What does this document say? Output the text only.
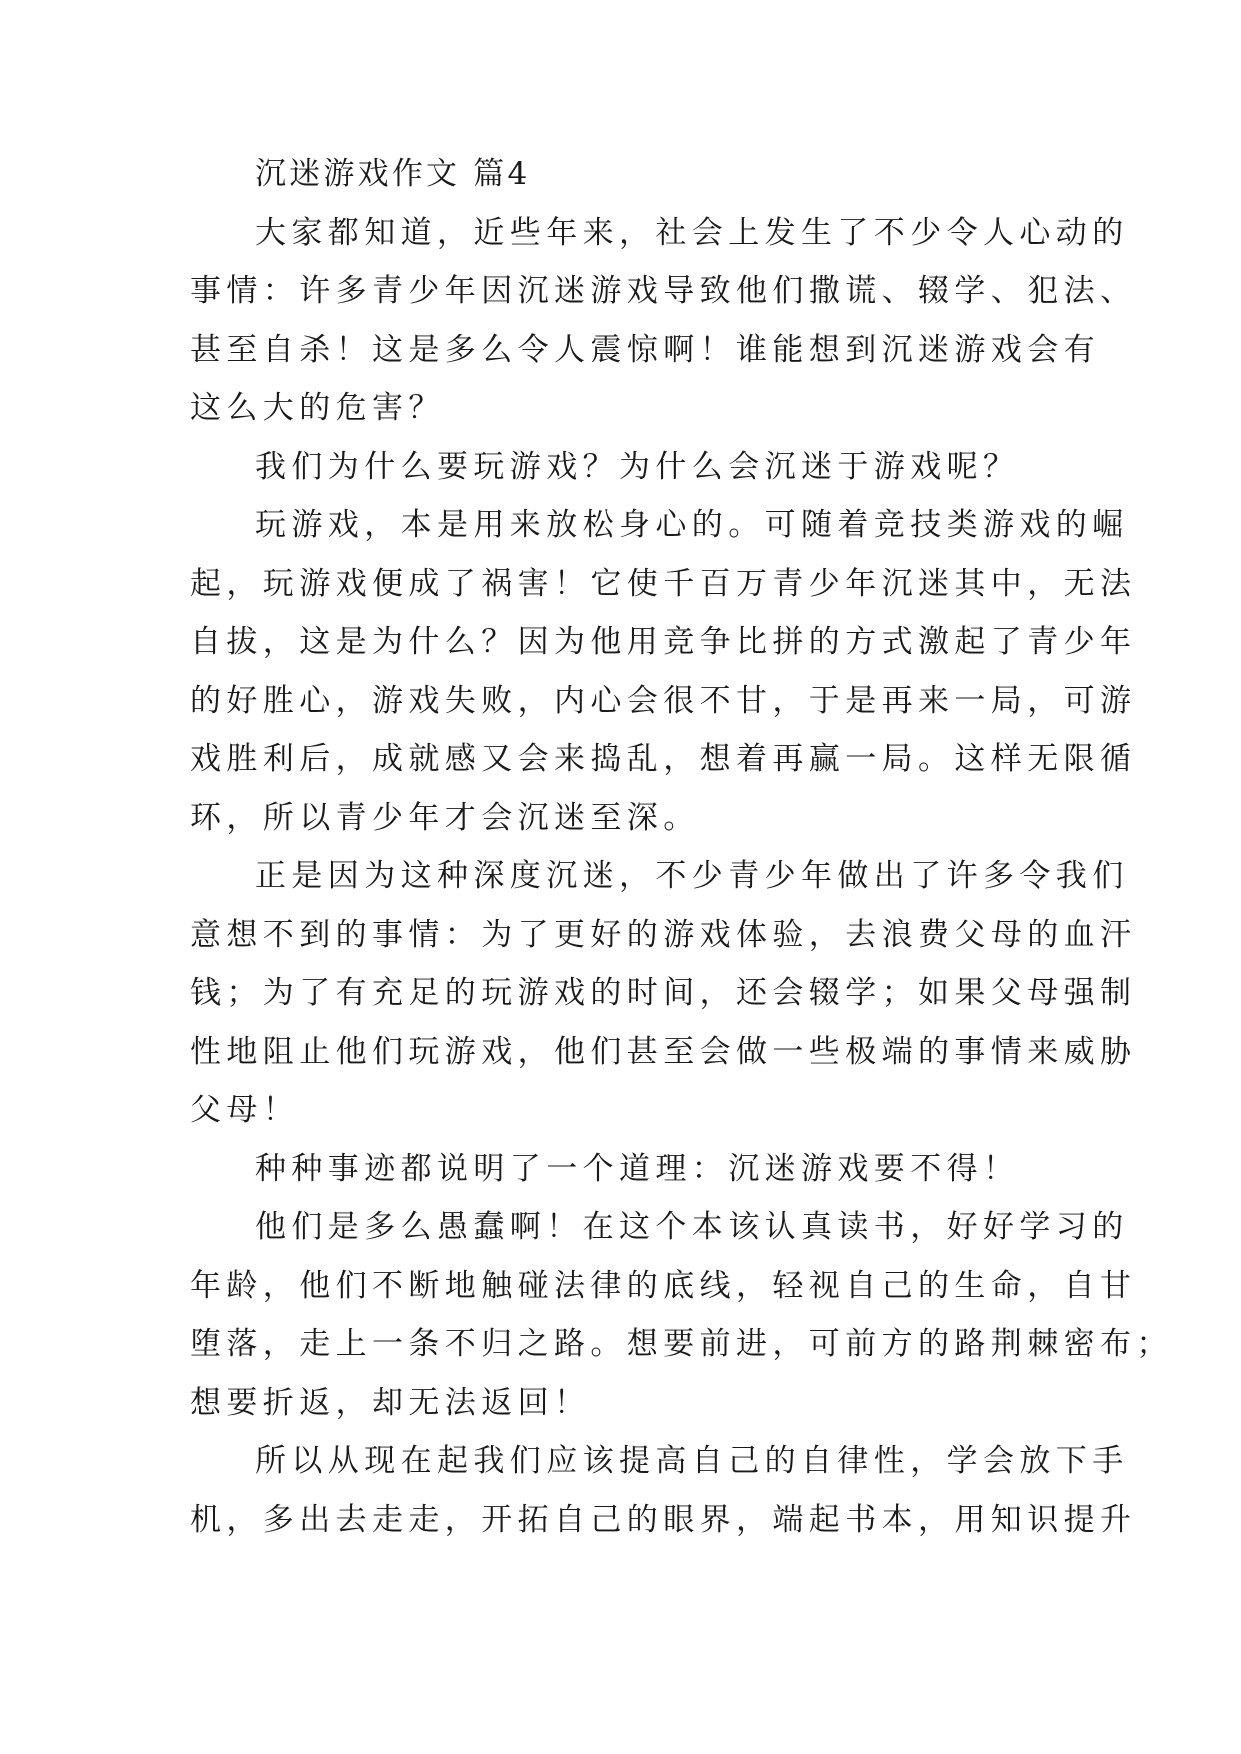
沉迷游戏作文 篇4
大家都知道，近些年来，社会上发生了不少令人心动的
事情：许多青少年因沉迷游戏导致他们撒谎、辍学、犯法、
甚至自杀！这是多么令人震惊啊！谁能想到沉迷游戏会有
这么大的危害？
我们为什么要玩游戏？为什么会沉迷于游戏呢？
玩游戏，本是用来放松身心的。可随着竞技类游戏的崛
起，玩游戏便成了祸害！它使千百万青少年沉迷其中，无法
自拔，这是为什么？因为他用竞争比拼的方式激起了青少年
的好胜心，游戏失败，内心会很不甘，于是再来一局，可游
戏胜利后，成就感又会来捣乱，想着再赢一局。这样无限循
环，所以青少年才会沉迷至深。
正是因为这种深度沉迷，不少青少年做出了许多令我们
意想不到的事情：为了更好的游戏体验，去浪费父母的血汗
钱；为了有充足的玩游戏的时间，还会辍学；如果父母强制
性地阻止他们玩游戏，他们甚至会做一些极端的事情来威胁
父母！
种种事迹都说明了一个道理：沉迷游戏要不得！
他们是多么愚蠢啊！在这个本该认真读书，好好学习的
年龄，他们不断地触碰法律的底线，轻视自己的生命，自甘
堕落，走上一条不归之路。想要前进，可前方的路荆棘密布；
想要折返，却无法返回！
所以从现在起我们应该提高自己的自律性，学会放下手
机，多出去走走，开拓自己的眼界，端起书本，用知识提升
